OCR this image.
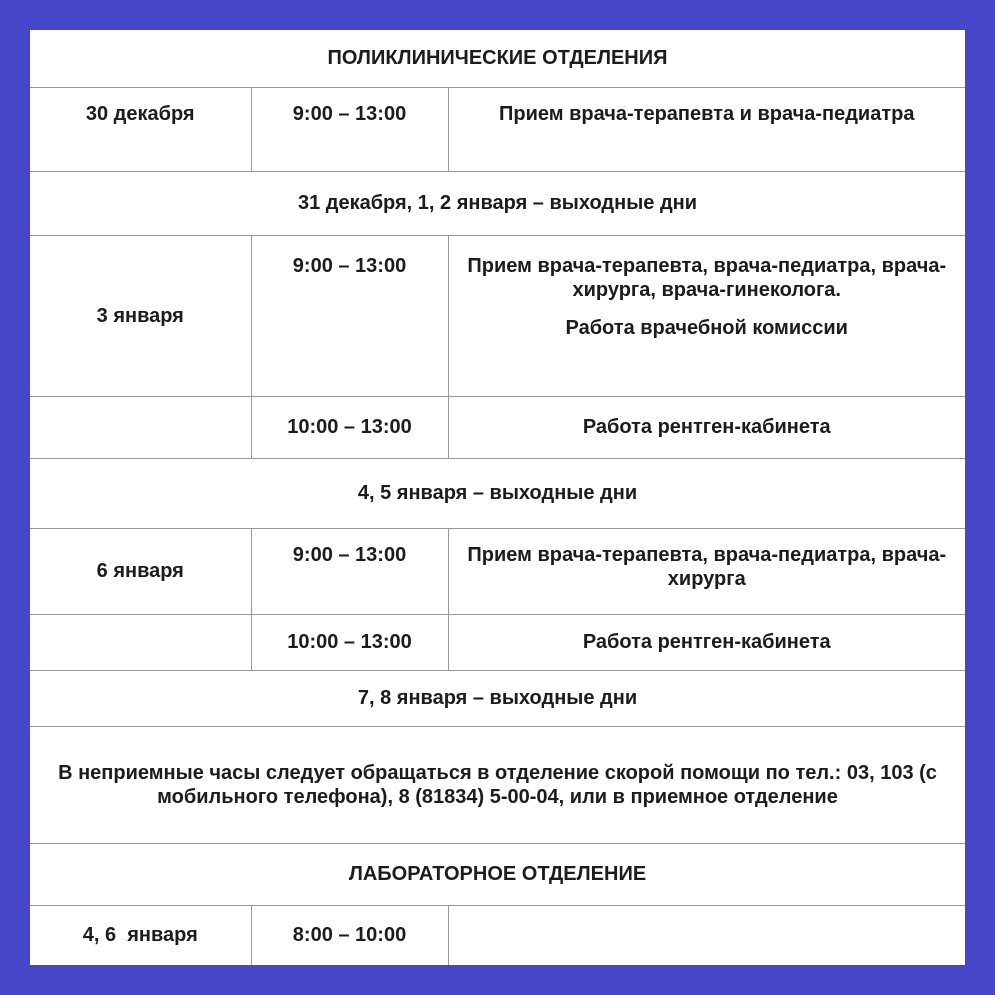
ПОЛИКЛИНИЧЕСКИЕ ОТДЕЛЕНИЯ		
30 декабря	9:00 – 13:00	Прием врача-терапевта и врача-педиатра
31 декабря, 1, 2 января – выходные дни		
3 января	9:00 – 13:00	Прием врача-терапевта, врача-педиатра, врача-хирурга, врача-гинеколога.
Работа врачебной комиссии

	10:00 – 13:00	Работа рентген-кабинета
4, 5 января – выходные дни		
6 января	9:00 – 13:00	Прием врача-терапевта, врача-педиатра, врача-хирурга
	10:00 – 13:00	Работа рентген-кабинета
7, 8 января – выходные дни		
В неприемные часы следует обращаться в отделение скорой помощи по тел.: 03, 103 (с мобильного телефона), 8 (81834) 5-00-04, или в приемное отделение		
ЛАБОРАТОРНОЕ ОТДЕЛЕНИЕ		
4, 6  января	8:00 – 10:00	
